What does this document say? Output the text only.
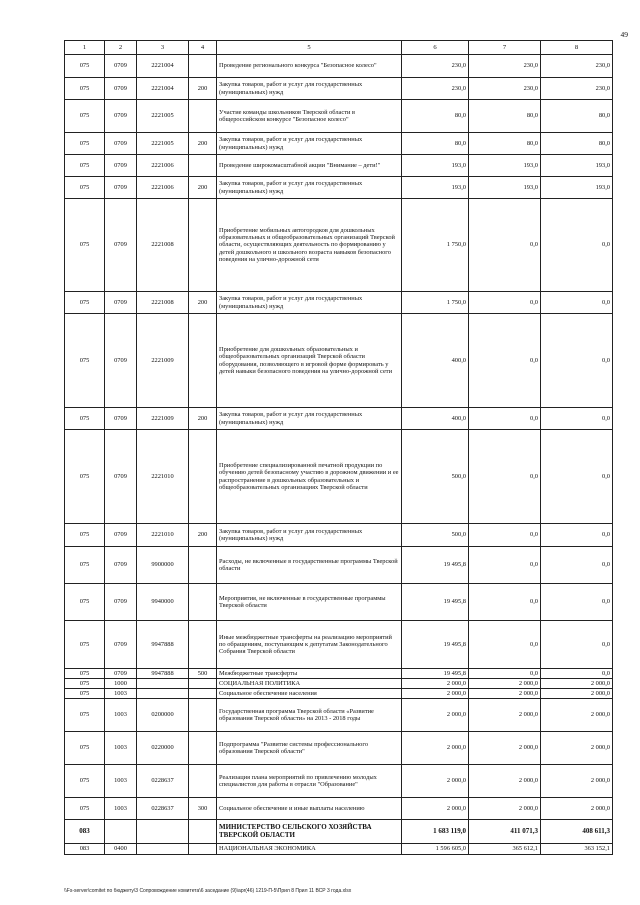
49
1	2	3	4	5	6	7	8
075	0709	2221004		Проведение регионального конкурса "Безопасное колесо"	230,0	230,0	230,0
075	0709	2221004	200	Закупка товаров, работ и услуг для государственных (муниципальных) нужд	230,0	230,0	230,0
075	0709	2221005		Участие команды школьников Тверской области в общероссийском конкурсе "Безопасное колесо"	80,0	80,0	80,0
075	0709	2221005	200	Закупка товаров, работ и услуг для государственных (муниципальных) нужд	80,0	80,0	80,0
075	0709	2221006		Проведение широкомасштабной акции "Внимание – дети!"	193,0	193,0	193,0
075	0709	2221006	200	Закупка товаров, работ и услуг для государственных (муниципальных) нужд	193,0	193,0	193,0
075	0709	2221008		Приобретение мобильных автогородков для дошкольных образовательных и общеобразовательных организаций Тверской области, осуществляющих деятельность по формированию у детей дошкольного и школьного возраста навыков безопасного поведения на улично-дорожной сети	1 750,0	0,0	0,0
075	0709	2221008	200	Закупка товаров, работ и услуг для государственных (муниципальных) нужд	1 750,0	0,0	0,0
075	0709	2221009		Приобретение для дошкольных образовательных и общеобразовательных организаций Тверской области оборудования, позволяющего в игровой форме формировать у детей навыки безопасного поведения на улично-дорожной сети	400,0	0,0	0,0
075	0709	2221009	200	Закупка товаров, работ и услуг для государственных (муниципальных) нужд	400,0	0,0	0,0
075	0709	2221010		Приобретение специализированной печатной продукции по обучению детей безопасному участию в дорожном движении и ее распространение в дошкольных образовательных и общеобразовательных организациях Тверской области	500,0	0,0	0,0
075	0709	2221010	200	Закупка товаров, работ и услуг для государственных (муниципальных) нужд	500,0	0,0	0,0
075	0709	9900000		Расходы, не включенные в государственные программы Тверской области	19 495,8	0,0	0,0
075	0709	9940000		Мероприятия, не включенные в государственные программы Тверской области	19 495,8	0,0	0,0
075	0709	9947888		Иные межбюджетные трансферты на реализацию мероприятий по обращениям, поступающим к депутатам Законодательного Собрания Тверской области	19 495,8	0,0	0,0
075	0709	9947888	500	Межбюджетные трансферты	19 495,8	0,0	0,0
075	1000			СОЦИАЛЬНАЯ ПОЛИТИКА	2 000,0	2 000,0	2 000,0
075	1003			Социальное обеспечение населения	2 000,0	2 000,0	2 000,0
075	1003	0200000		Государственная программа Тверской области «Развитие образования Тверской области» на 2013 - 2018 годы	2 000,0	2 000,0	2 000,0
075	1003	0220000		Подпрограмма "Развитие системы профессионального образования Тверской области"	2 000,0	2 000,0	2 000,0
075	1003	0228637		Реализация плана мероприятий по привлечению молодых специалистов для работы в отрасли "Образование"	2 000,0	2 000,0	2 000,0
075	1003	0228637	300	Социальное обеспечение и иные выплаты населению	2 000,0	2 000,0	2 000,0
083				МИНИСТЕРСТВО СЕЛЬСКОГО ХОЗЯЙСТВА ТВЕРСКОЙ ОБЛАСТИ	1 683 119,0	411 071,3	408 611,3
083	0400			НАЦИОНАЛЬНАЯ ЭКОНОМИКА	1 596 605,0	365 612,1	363 152,1
\\Fs-server\comitet по бюджету\3 Сопровождение комитета\6 заседание (9)\apr(46) 1219-П-5\Прил 8 Прил 11 ВСР 3 года.xlsx
